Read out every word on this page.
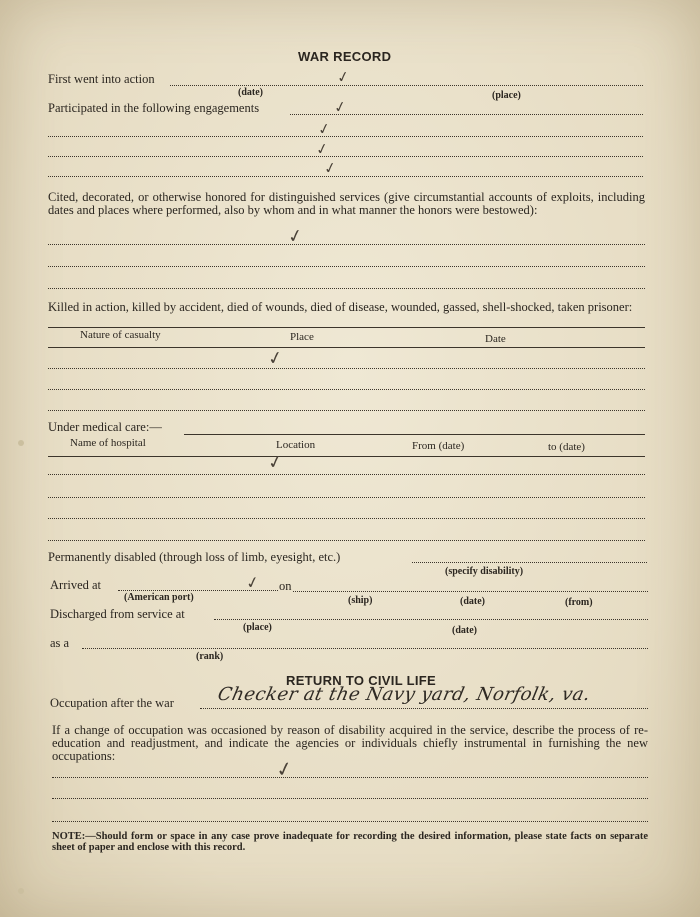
WAR RECORD
First went into action	✓
(date)	(place)
Participated in the following engagements	✓
✓
✓
✓
Cited, decorated, or otherwise honored for distinguished services (give circumstantial accounts of exploits, including dates and places where performed, also by whom and in what manner the honors were bestowed):
✓
Killed in action, killed by accident, died of wounds, died of disease, wounded, gassed, shell-shocked, taken prisoner:
Nature of casualty	Place	Date
✓
Under medical care:—
Name of hospital	Location	From (date)	to (date)
✓
Permanently disabled (through loss of limb, eyesight, etc.)
(specify disability)
Arrived at	✓ on
(American port)	(ship)	(date)	(from)
Discharged from service at
(place)	(date)
as a
(rank)
RETURN TO CIVIL LIFE
Occupation after the war Checker at the Navy yard, Norfolk, va.
If a change of occupation was occasioned by reason of disability acquired in the service, describe the process of re-education and readjustment, and indicate the agencies or individuals chiefly instrumental in furnishing the new occupations:	✓
NOTE:—Should form or space in any case prove inadequate for recording the desired information, please state facts on separate sheet of paper and enclose with this record.
